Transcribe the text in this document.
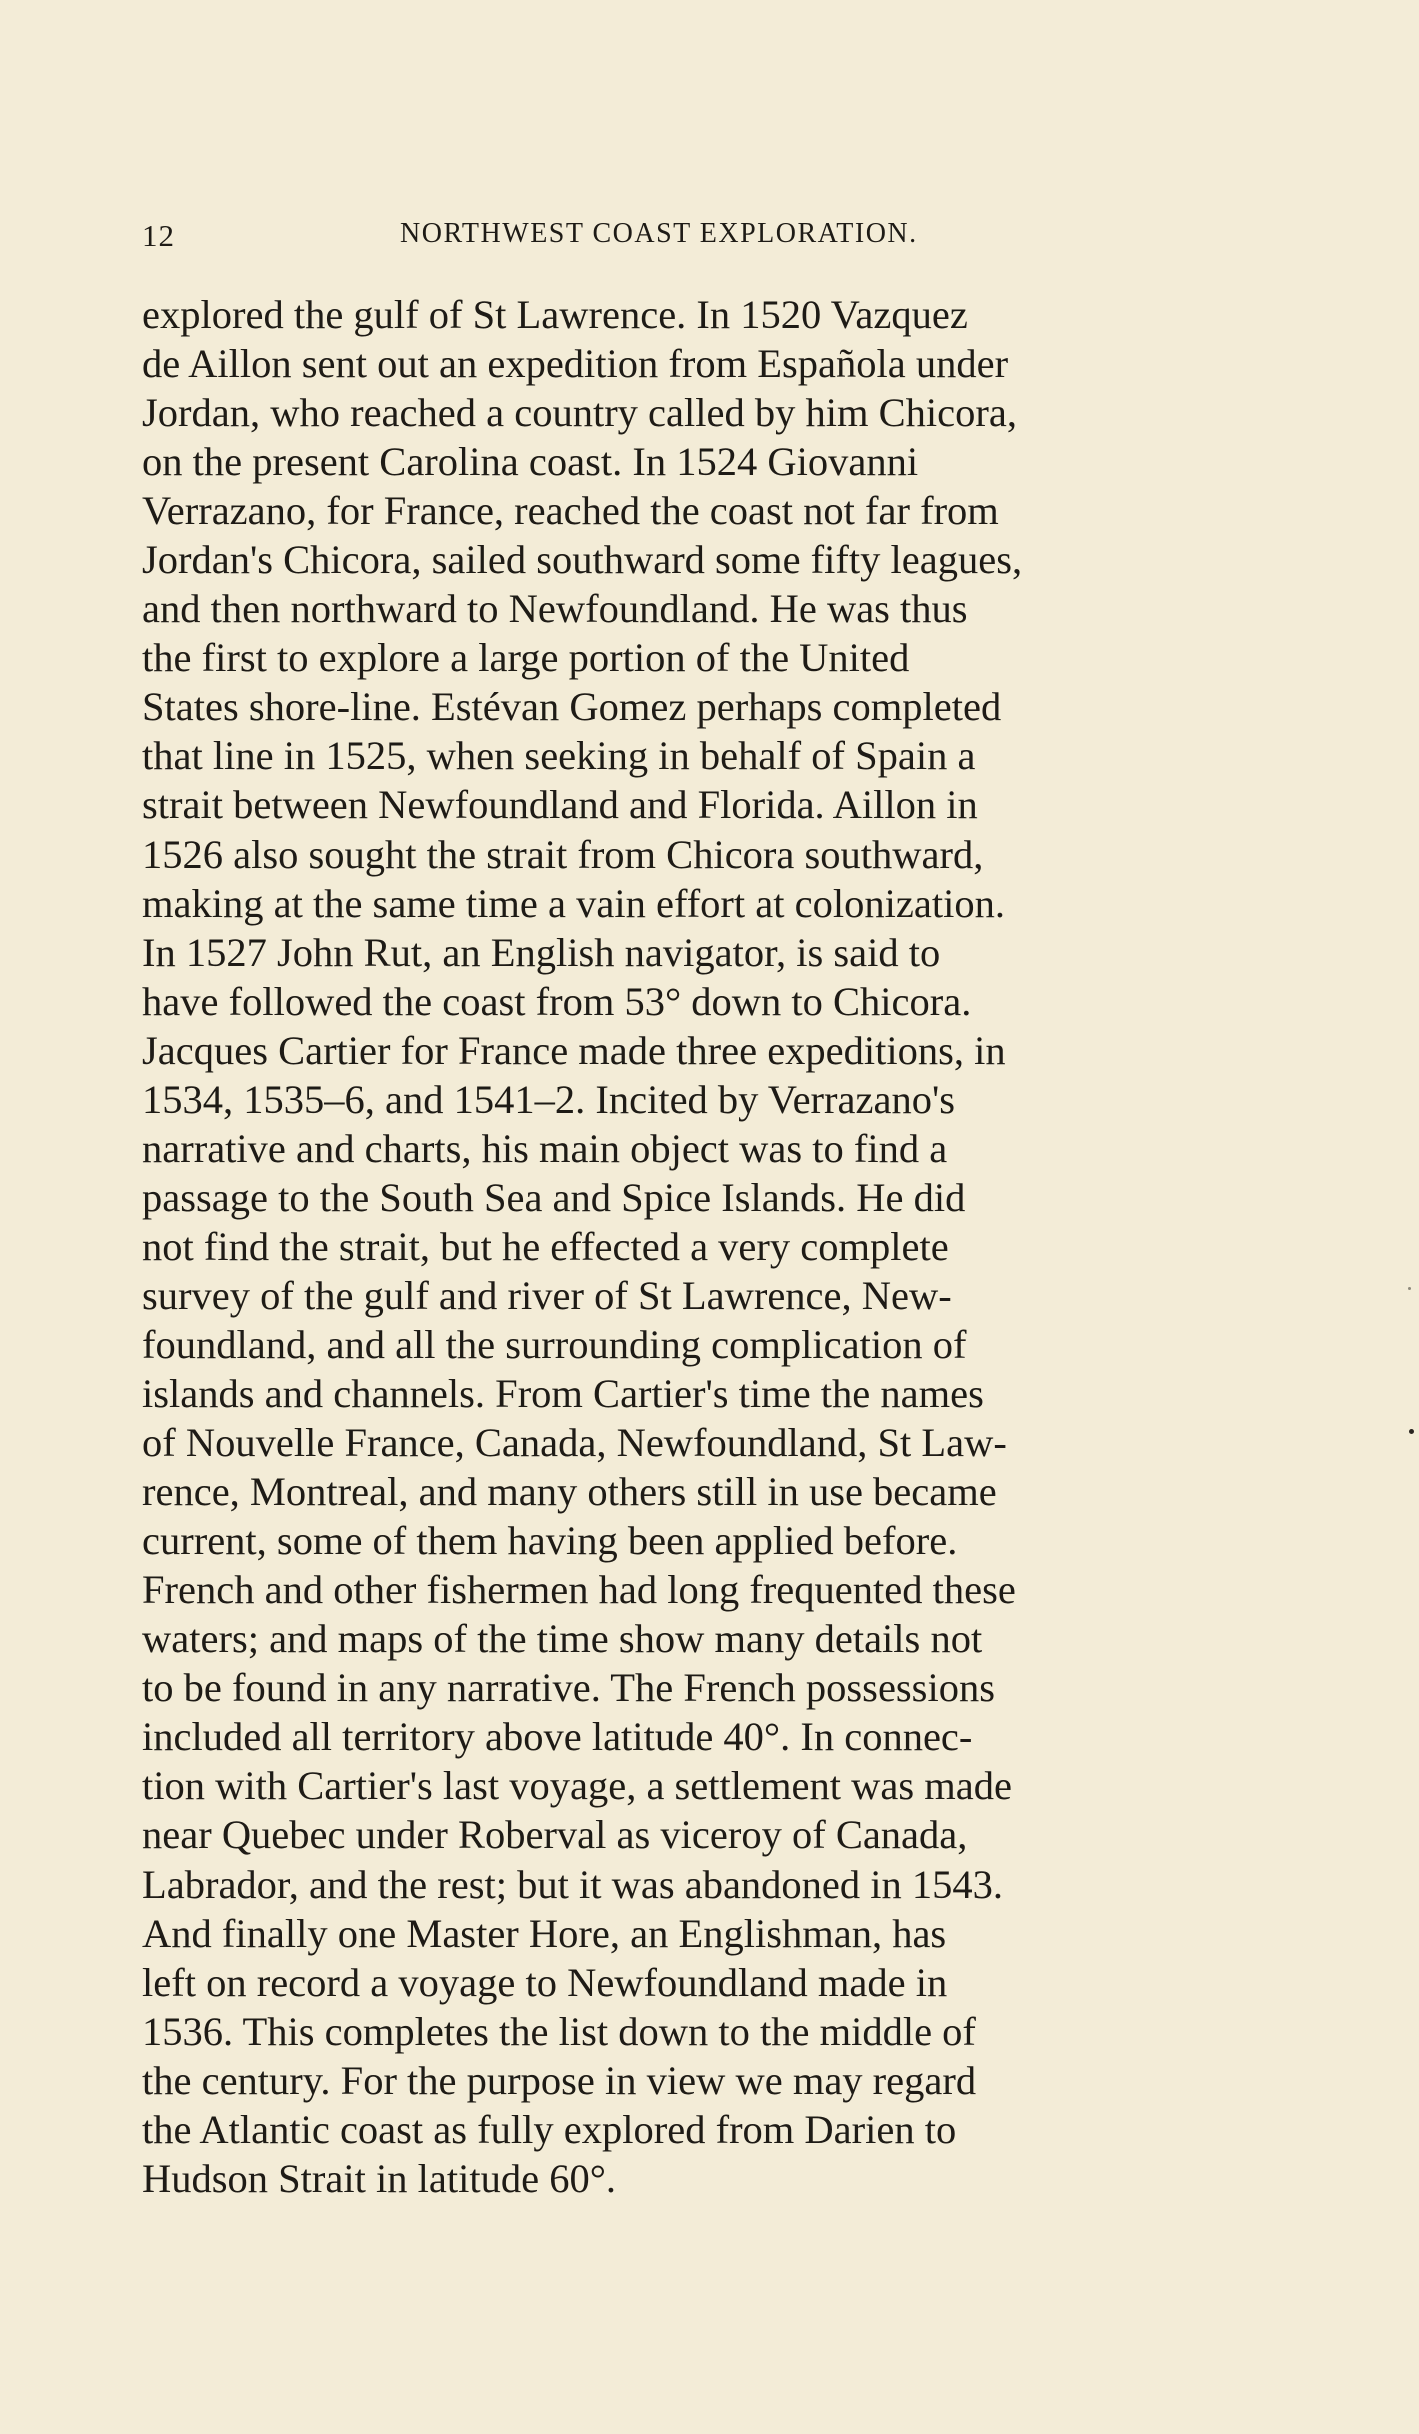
12	NORTHWEST COAST EXPLORATION.
explored the gulf of St Lawrence. In 1520 Vazquez
de Aillon sent out an expedition from Española under
Jordan, who reached a country called by him Chicora,
on the present Carolina coast. In 1524 Giovanni
Verrazano, for France, reached the coast not far from
Jordan's Chicora, sailed southward some fifty leagues,
and then northward to Newfoundland. He was thus
the first to explore a large portion of the United
States shore-line. Estévan Gomez perhaps completed
that line in 1525, when seeking in behalf of Spain a
strait between Newfoundland and Florida. Aillon in
1526 also sought the strait from Chicora southward,
making at the same time a vain effort at colonization.
In 1527 John Rut, an English navigator, is said to
have followed the coast from 53° down to Chicora.
Jacques Cartier for France made three expeditions, in
1534, 1535–6, and 1541–2. Incited by Verrazano's
narrative and charts, his main object was to find a
passage to the South Sea and Spice Islands. He did
not find the strait, but he effected a very complete
survey of the gulf and river of St Lawrence, New-
foundland, and all the surrounding complication of
islands and channels. From Cartier's time the names
of Nouvelle France, Canada, Newfoundland, St Law-
rence, Montreal, and many others still in use became
current, some of them having been applied before.
French and other fishermen had long frequented these
waters; and maps of the time show many details not
to be found in any narrative. The French possessions
included all territory above latitude 40°. In connec-
tion with Cartier's last voyage, a settlement was made
near Quebec under Roberval as viceroy of Canada,
Labrador, and the rest; but it was abandoned in 1543.
And finally one Master Hore, an Englishman, has
left on record a voyage to Newfoundland made in
1536. This completes the list down to the middle of
the century. For the purpose in view we may regard
the Atlantic coast as fully explored from Darien to
Hudson Strait in latitude 60°.
